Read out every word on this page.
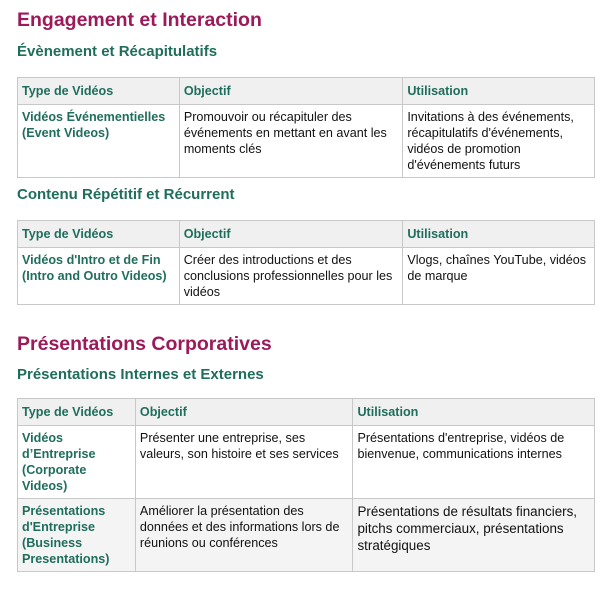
Engagement et Interaction
Évènement et Récapitulatifs
Type de Vidéos	Objectif	Utilisation
Vidéos Événementielles (Event Videos)	Promouvoir ou récapituler des événements en mettant en avant les moments clés	Invitations à des événements, récapitulatifs d'événements, vidéos de promotion d'événements futurs
Contenu Répétitif et Récurrent
Type de Vidéos	Objectif	Utilisation
Vidéos d'Intro et de Fin (Intro and Outro Videos)	Créer des introductions et des conclusions professionnelles pour les vidéos	Vlogs, chaînes YouTube, vidéos de marque
Présentations Corporatives
Présentations Internes et Externes
Type de Vidéos	Objectif	Utilisation
Vidéos d’Entreprise (Corporate Videos)	Présenter une entreprise, ses valeurs, son histoire et ses services	Présentations d'entreprise, vidéos de bienvenue, communications internes
Présentations d'Entreprise (Business Presentations)	Améliorer la présentation des données et des informations lors de réunions ou conférences	Présentations de résultats financiers, pitchs commerciaux, présentations stratégiques
